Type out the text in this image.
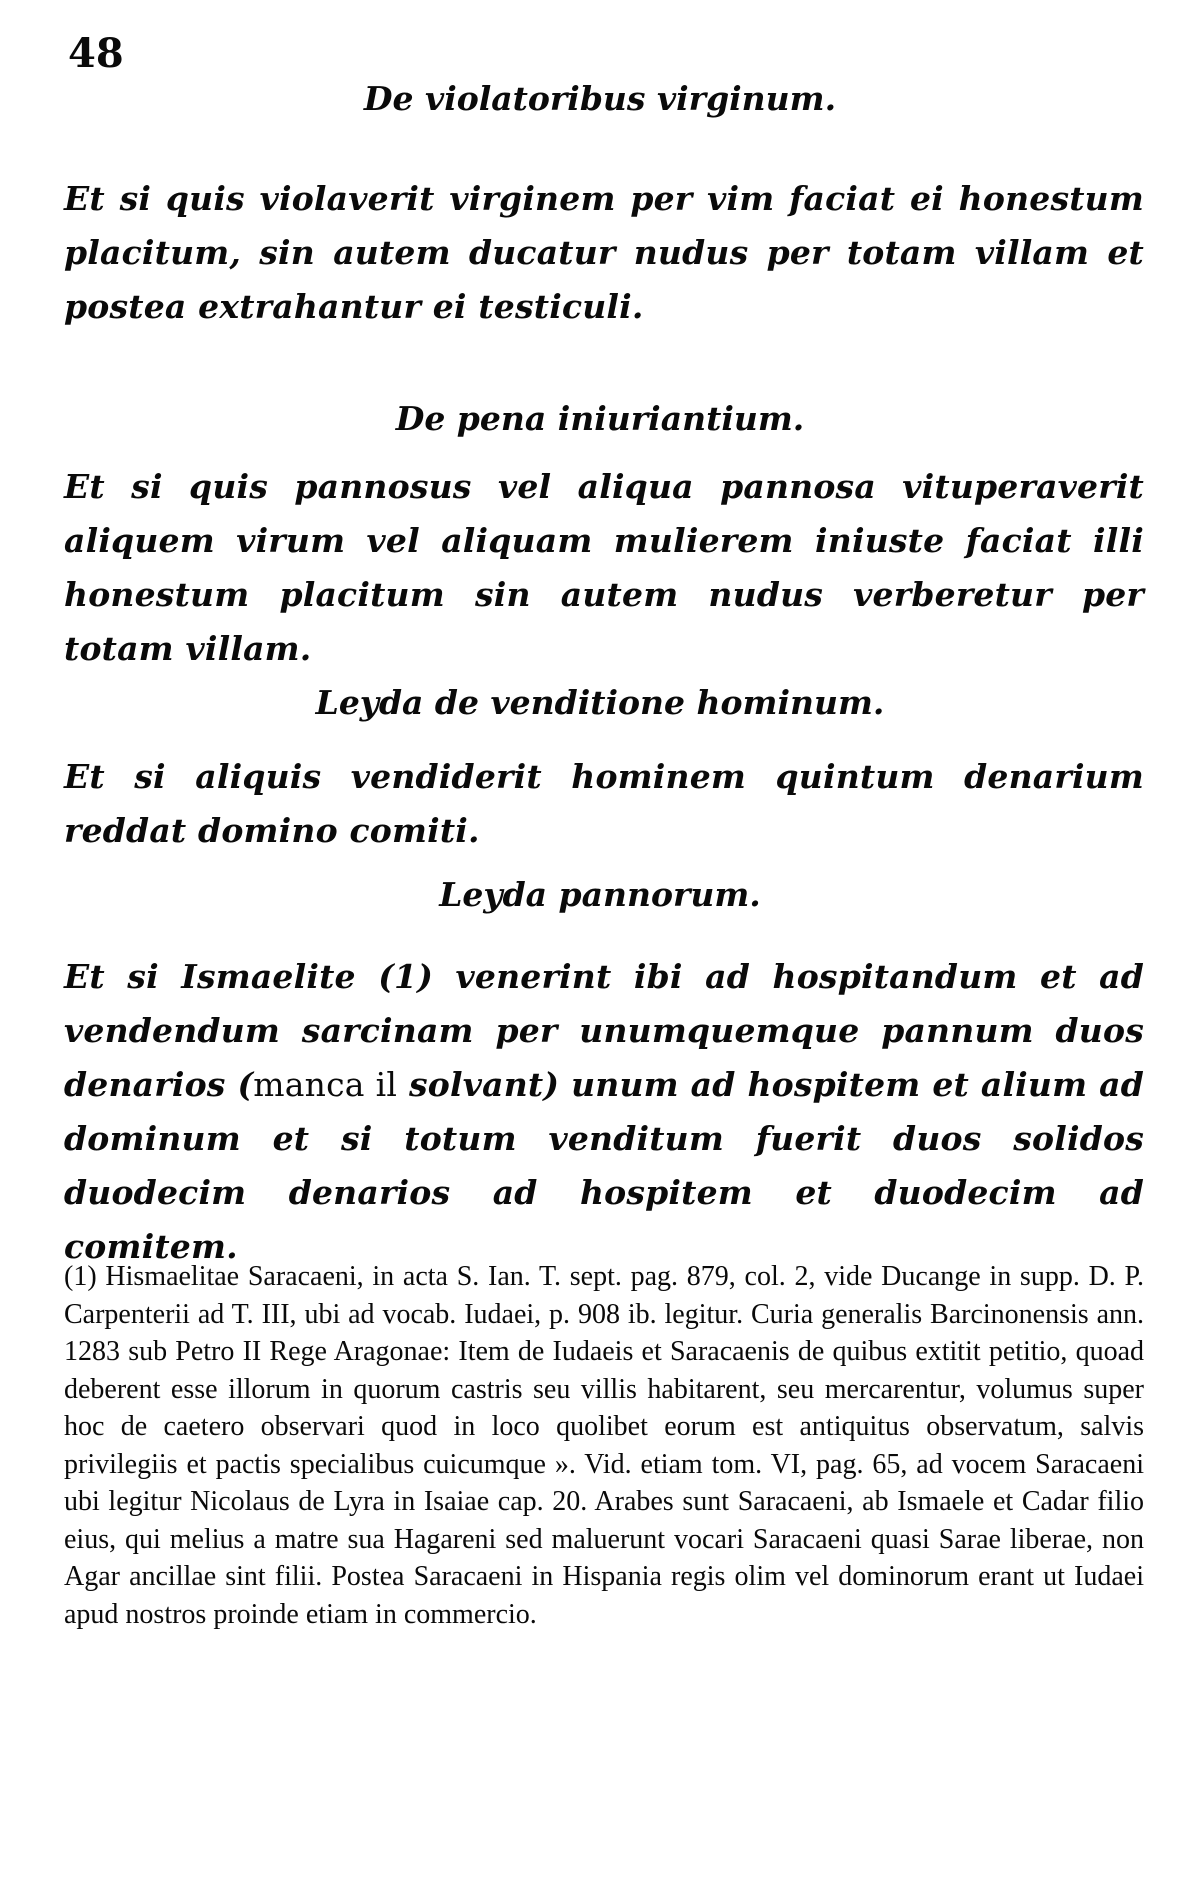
48
De violatoribus virginum.
Et si quis violaverit virginem per vim faciat ei honestum placitum, sin autem ducatur nudus per totam villam et postea extrahantur ei testiculi.
De pena iniuriantium.
Et si quis pannosus vel aliqua pannosa vituperaverit aliquem virum vel aliquam mulierem iniuste faciat illi honestum placitum sin autem nudus verberetur per totam villam.
Leyda de venditione hominum.
Et si aliquis vendiderit hominem quintum denarium reddat domino comiti.
Leyda pannorum.
Et si Ismaelite (1) venerint ibi ad hospitandum et ad vendendum sarcinam per unumquemque pannum duos denarios (manca il solvant) unum ad hospitem et alium ad dominum et si totum venditum fuerit duos solidos duodecim denarios ad hospitem et duodecim ad comitem.
(1) Hismaelitae Saracaeni, in acta S. Ian. T. sept. pag. 879, col. 2, vide Ducange in supp. D. P. Carpenterii ad T. III, ubi ad vocab. Iudaei, p. 908 ib. legitur. Curia generalis Barcinonensis ann. 1283 sub Petro II Rege Aragonae: Item de Iudaeis et Saracaenis de quibus extitit petitio, quoad deberent esse illorum in quorum castris seu villis habitarent, seu mercarentur, volumus super hoc de caetero observari quod in loco quolibet eorum est antiquitus observatum, salvis privilegiis et pactis specialibus cuicumque ». Vid. etiam tom. VI, pag. 65, ad vocem Saracaeni ubi legitur Nicolaus de Lyra in Isaiae cap. 20. Arabes sunt Saracaeni, ab Ismaele et Cadar filio eius, qui melius a matre sua Hagareni sed maluerunt vocari Saracaeni quasi Sarae liberae, non Agar ancillae sint filii. Postea Saracaeni in Hispania regis olim vel dominorum erant ut Iudaei apud nostros proinde etiam in commercio.
